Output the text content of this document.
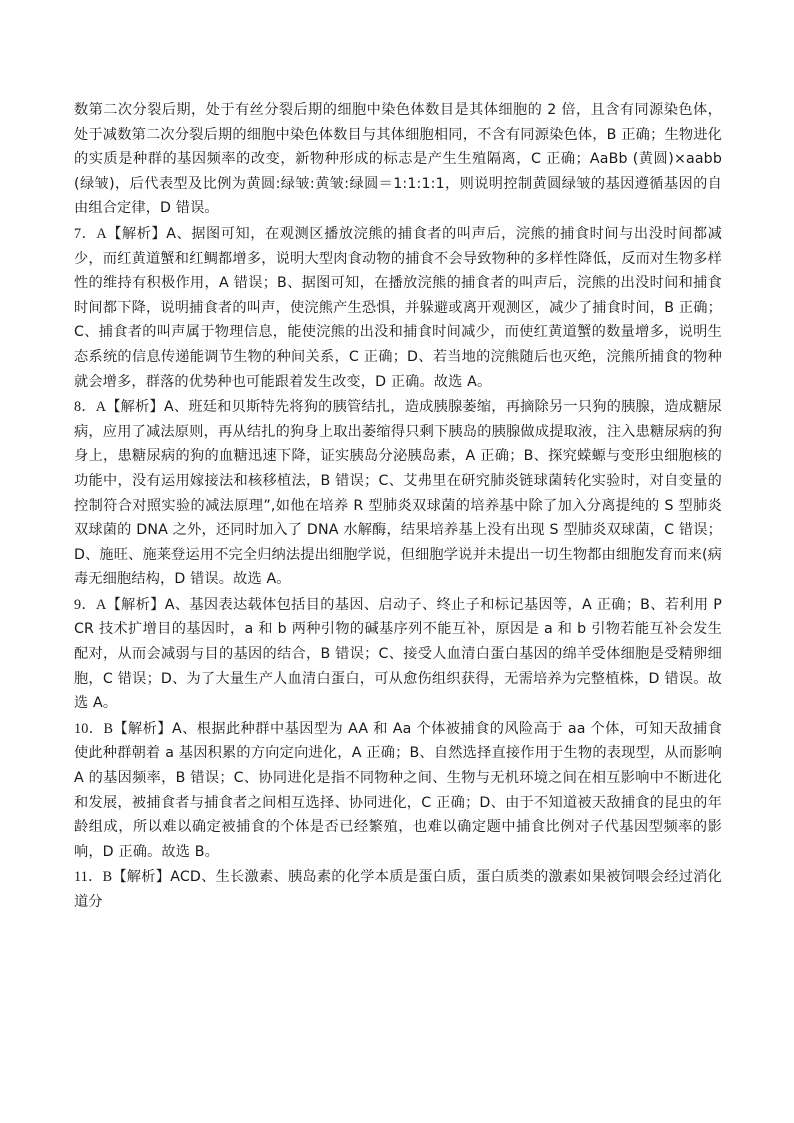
数第二次分裂后期，处于有丝分裂后期的细胞中染色体数目是其体细胞的 2 倍，且含有同源染色体，处于减数第二次分裂后期的细胞中染色体数目与其体细胞相同，不含有同源染色体，B 正确；生物进化的实质是种群的基因频率的改变，新物种形成的标志是产生生殖隔离，C 正确；AaBb (黄圆)×aabb (绿皱)，后代表型及比例为黄圆:绿皱:黄皱:绿圆＝1:1:1:1，则说明控制黄圆绿皱的基因遵循基因的自由组合定律，D 错误。

7．A【解析】A、据图可知，在观测区播放浣熊的捕食者的叫声后，浣熊的捕食时间与出没时间都减少，而红黄道蟹和红鲷都增多，说明大型肉食动物的捕食不会导致物种的多样性降低，反而对生物多样性的维持有积极作用，A 错误；B、据图可知，在播放浣熊的捕食者的叫声后，浣熊的出没时间和捕食时间都下降，说明捕食者的叫声，使浣熊产生恐惧，并躲避或离开观测区，减少了捕食时间，B 正确；C、捕食者的叫声属于物理信息，能使浣熊的出没和捕食时间减少，而使红黄道蟹的数量增多，说明生态系统的信息传递能调节生物的种间关系，C 正确；D、若当地的浣熊随后也灭绝，浣熊所捕食的物种就会增多，群落的优势种也可能跟着发生改变，D 正确。故选 A。

8．A【解析】A、班廷和贝斯特先将狗的胰管结扎，造成胰腺萎缩，再摘除另一只狗的胰腺，造成糖尿病，应用了减法原则，再从结扎的狗身上取出萎缩得只剩下胰岛的胰腺做成提取液，注入患糖尿病的狗身上，患糖尿病的狗的血糖迅速下降，证实胰岛分泌胰岛素，A 正确；B、探究蝾螈与变形虫细胞核的功能中，没有运用嫁接法和核移植法，B 错误；C、艾弗里在研究肺炎链球菌转化实验时，对自变量的控制符合对照实验的减法原理”,如他在培养 R 型肺炎双球菌的培养基中除了加入分离提纯的 S 型肺炎双球菌的 DNA 之外，还同时加入了 DNA 水解酶，结果培养基上没有出现 S 型肺炎双球菌，C 错误；D、施旺、施莱登运用不完全归纳法提出细胞学说，但细胞学说并未提出一切生物都由细胞发育而来(病毒无细胞结构，D 错误。故选 A。

9．A【解析】A、基因表达载体包括目的基因、启动子、终止子和标记基因等，A 正确；B、若利用 PCR 技术扩增目的基因时，a 和 b 两种引物的碱基序列不能互补，原因是 a 和 b 引物若能互补会发生配对，从而会减弱与目的基因的结合，B 错误；C、接受人血清白蛋白基因的绵羊受体细胞是受精卵细胞，C 错误；D、为了大量生产人血清白蛋白，可从愈伤组织获得，无需培养为完整植株，D 错误。故选 A。

10．B【解析】A、根据此种群中基因型为 AA 和 Aa 个体被捕食的风险高于 aa 个体，可知天敌捕食使此种群朝着 a 基因积累的方向定向进化，A 正确；B、自然选择直接作用于生物的表现型，从而影响 A 的基因频率，B 错误；C、协同进化是指不同物种之间、生物与无机环境之间在相互影响中不断进化和发展，被捕食者与捕食者之间相互选择、协同进化，C 正确；D、由于不知道被天敌捕食的昆虫的年龄组成，所以难以确定被捕食的个体是否已经繁殖，也难以确定题中捕食比例对子代基因型频率的影响，D 正确。故选 B。

11．B【解析】ACD、生长激素、胰岛素的化学本质是蛋白质，蛋白质类的激素如果被饲喂会经过消化道分
